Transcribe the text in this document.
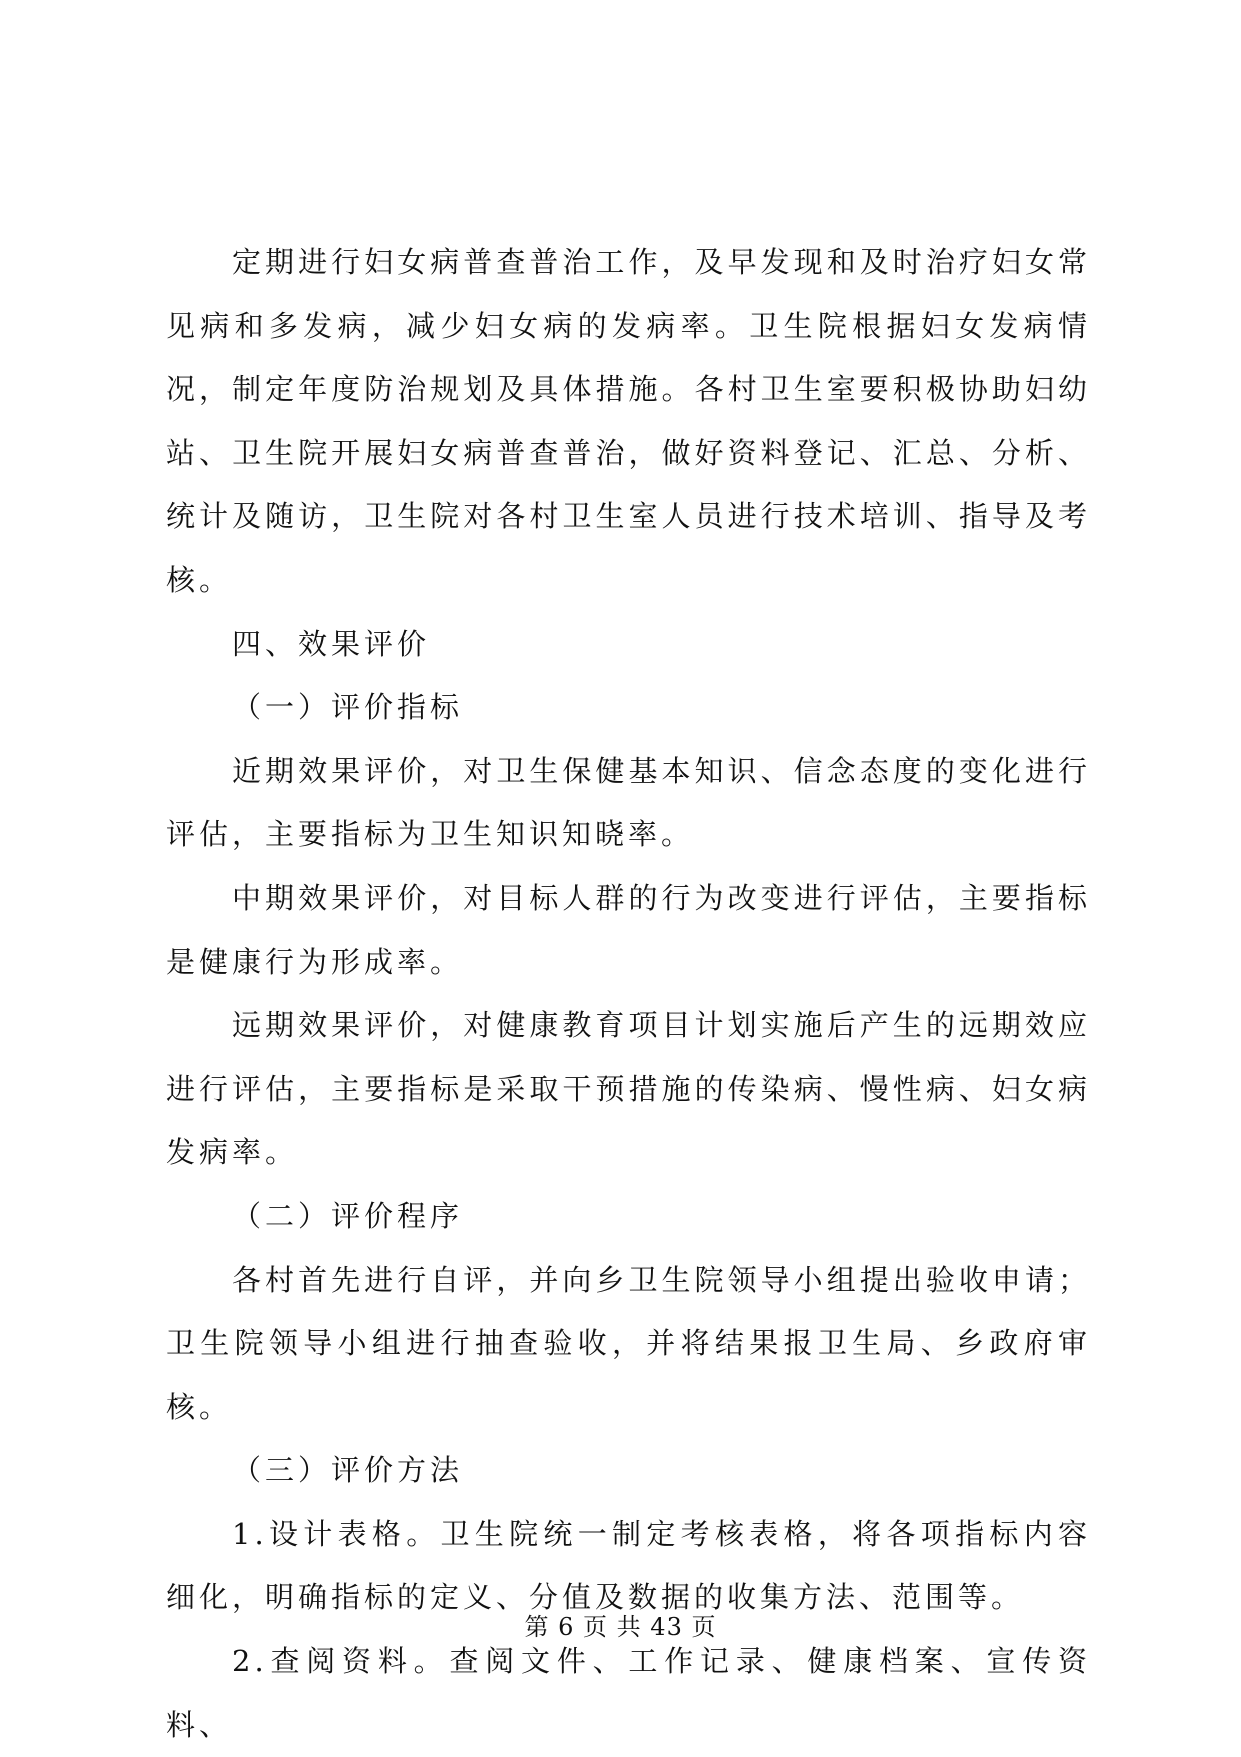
定期进行妇女病普查普治工作，及早发现和及时治疗妇女常见病和多发病，减少妇女病的发病率。卫生院根据妇女发病情况，制定年度防治规划及具体措施。各村卫生室要积极协助妇幼站、卫生院开展妇女病普查普治，做好资料登记、汇总、分析、统计及随访，卫生院对各村卫生室人员进行技术培训、指导及考核。

四、效果评价

（一）评价指标

近期效果评价，对卫生保健基本知识、信念态度的变化进行评估，主要指标为卫生知识知晓率。

中期效果评价，对目标人群的行为改变进行评估，主要指标是健康行为形成率。

远期效果评价，对健康教育项目计划实施后产生的远期效应进行评估，主要指标是采取干预措施的传染病、慢性病、妇女病发病率。

（二）评价程序

各村首先进行自评，并向乡卫生院领导小组提出验收申请；卫生院领导小组进行抽查验收，并将结果报卫生局、乡政府审核。

（三）评价方法

1.设计表格。卫生院统一制定考核表格，将各项指标内容细化，明确指标的定义、分值及数据的收集方法、范围等。

2.查阅资料。查阅文件、工作记录、健康档案、宣传资料、

第 6 页 共 43 页
